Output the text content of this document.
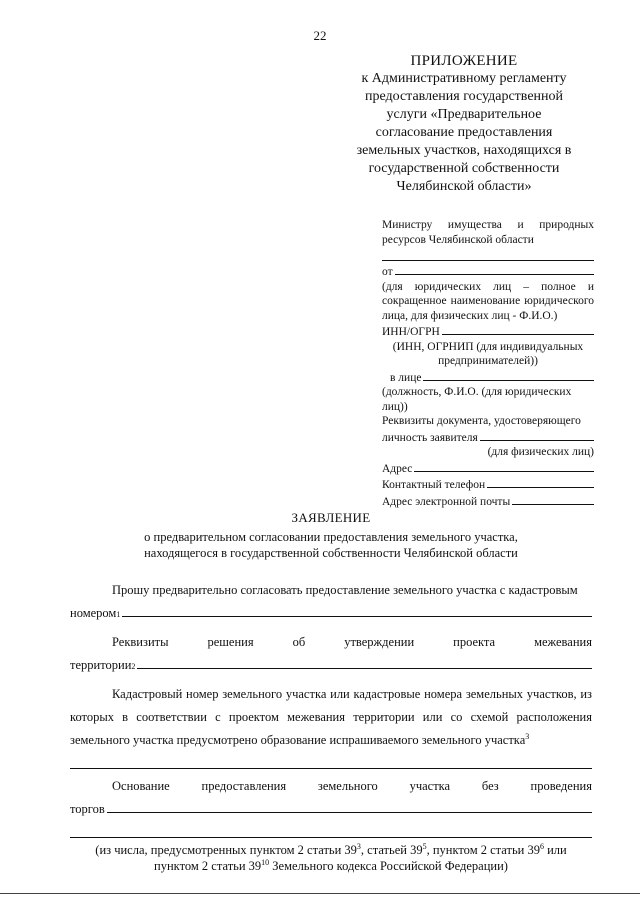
22
ПРИЛОЖЕНИЕ
к Административному регламенту
предоставления государственной
услуги «Предварительное
согласование предоставления
земельных участков, находящихся в
государственной собственности
Челябинской области»
Министру имущества и природных ресурсов Челябинской области
от
(для юридических лиц – полное и сокращенное наименование юридического лица, для физических лиц - Ф.И.О.)
ИНН/ОГРН
(ИНН, ОГРНИП (для индивидуальных предпринимателей))
в лице
(должность, Ф.И.О. (для юридических лиц))
Реквизиты документа, удостоверяющего
личность заявителя
(для физических лиц)
Адрес
Контактный телефон
Адрес электронной почты
ЗАЯВЛЕНИЕ
о предварительном согласовании предоставления земельного участка,
находящегося в государственной собственности Челябинской области
Прошу предварительно согласовать предоставление земельного участка с кадастровым
номером 1
Реквизиты	решения	об	утверждении	проекта	межевания
территории 2
Кадастровый номер земельного участка или кадастровые номера земельных участков, из которых в соответствии с проектом межевания территории или со схемой расположения земельного участка предусмотрено образование испрашиваемого земельного участка$^3$
Основание	предоставления	земельного	участка	без	проведения
торгов
(из числа, предусмотренных пунктом 2 статьи 39$^3$, статьей 39$^5$, пунктом 2 статьи 39$^6$ или
пунктом 2 статьи 39$^{10}$ Земельного кодекса Российской Федерации)
